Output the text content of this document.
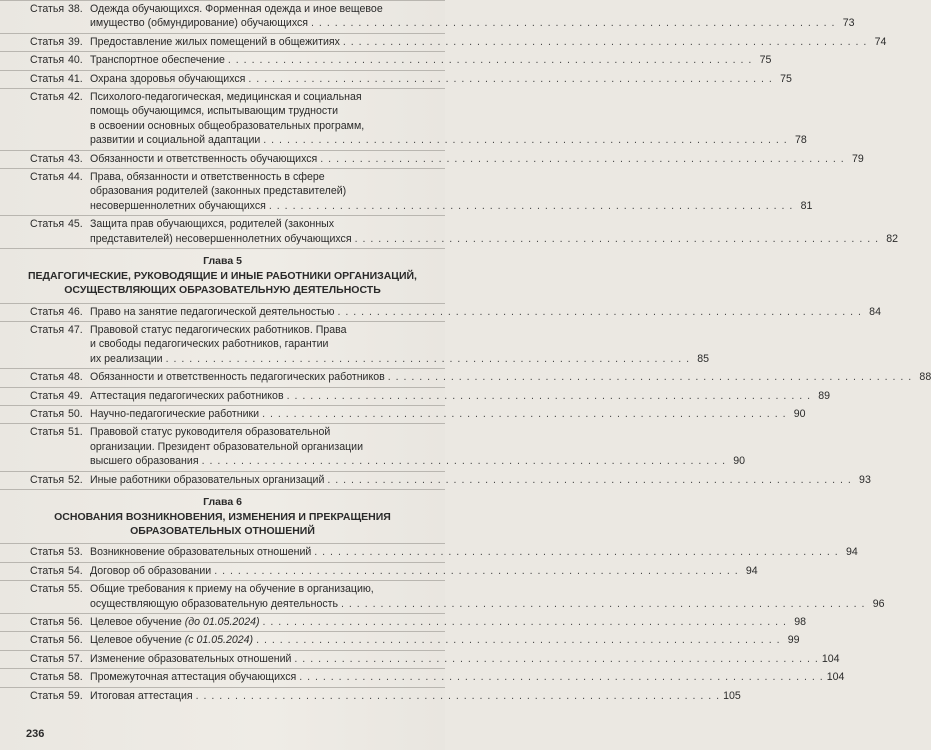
Статья 38. Одежда обучающихся. Форменная одежда и иное вещевое
имущество (обмундирование) обучающихся . . .	73
Статья 39. Предоставление жилых помещений в общежитиях . . .	74
Статья 40. Транспортное обеспечение . . .	75
Статья 41. Охрана здоровья обучающихся . . .	75
Статья 42. Психолого-педагогическая, медицинская и социальная
помощь обучающимся, испытывающим трудности
в освоении основных общеобразовательных программ,
развитии и социальной адаптации . . .	78
Статья 43. Обязанности и ответственность обучающихся . . .	79
Статья 44. Права, обязанности и ответственность в сфере
образования родителей (законных представителей)
несовершеннолетних обучающихся . . .	81
Статья 45. Защита прав обучающихся, родителей (законных
представителей) несовершеннолетних обучающихся . . .	82
Глава 5
ПЕДАГОГИЧЕСКИЕ, РУКОВОДЯЩИЕ И ИНЫЕ РАБОТНИКИ ОРГАНИЗАЦИЙ, ОСУЩЕСТВЛЯЮЩИХ ОБРАЗОВАТЕЛЬНУЮ ДЕЯТЕЛЬНОСТЬ
Статья 46. Право на занятие педагогической деятельностью . . .	84
Статья 47. Правовой статус педагогических работников. Права
и свободы педагогических работников, гарантии
их реализации . . .	85
Статья 48. Обязанности и ответственность педагогических работников . . .	88
Статья 49. Аттестация педагогических работников . . .	89
Статья 50. Научно-педагогические работники . . .	90
Статья 51. Правовой статус руководителя образовательной
организации. Президент образовательной организации
высшего образования . . .	90
Статья 52. Иные работники образовательных организаций . . .	93
Глава 6
ОСНОВАНИЯ ВОЗНИКНОВЕНИЯ, ИЗМЕНЕНИЯ И ПРЕКРАЩЕНИЯ ОБРАЗОВАТЕЛЬНЫХ ОТНОШЕНИЙ
Статья 53. Возникновение образовательных отношений . . .	94
Статья 54. Договор об образовании . . .	94
Статья 55. Общие требования к приему на обучение в организацию,
осуществляющую образовательную деятельность . . .	96
Статья 56. Целевое обучение
(до 01.05.2024) . . .	98
Статья 56. Целевое обучение
(с 01.05.2024) . . .	99
Статья 57. Изменение образовательных отношений . . .	104
Статья 58. Промежуточная аттестация обучающихся . . .	104
Статья 59. Итоговая аттестация . . .	105
236
